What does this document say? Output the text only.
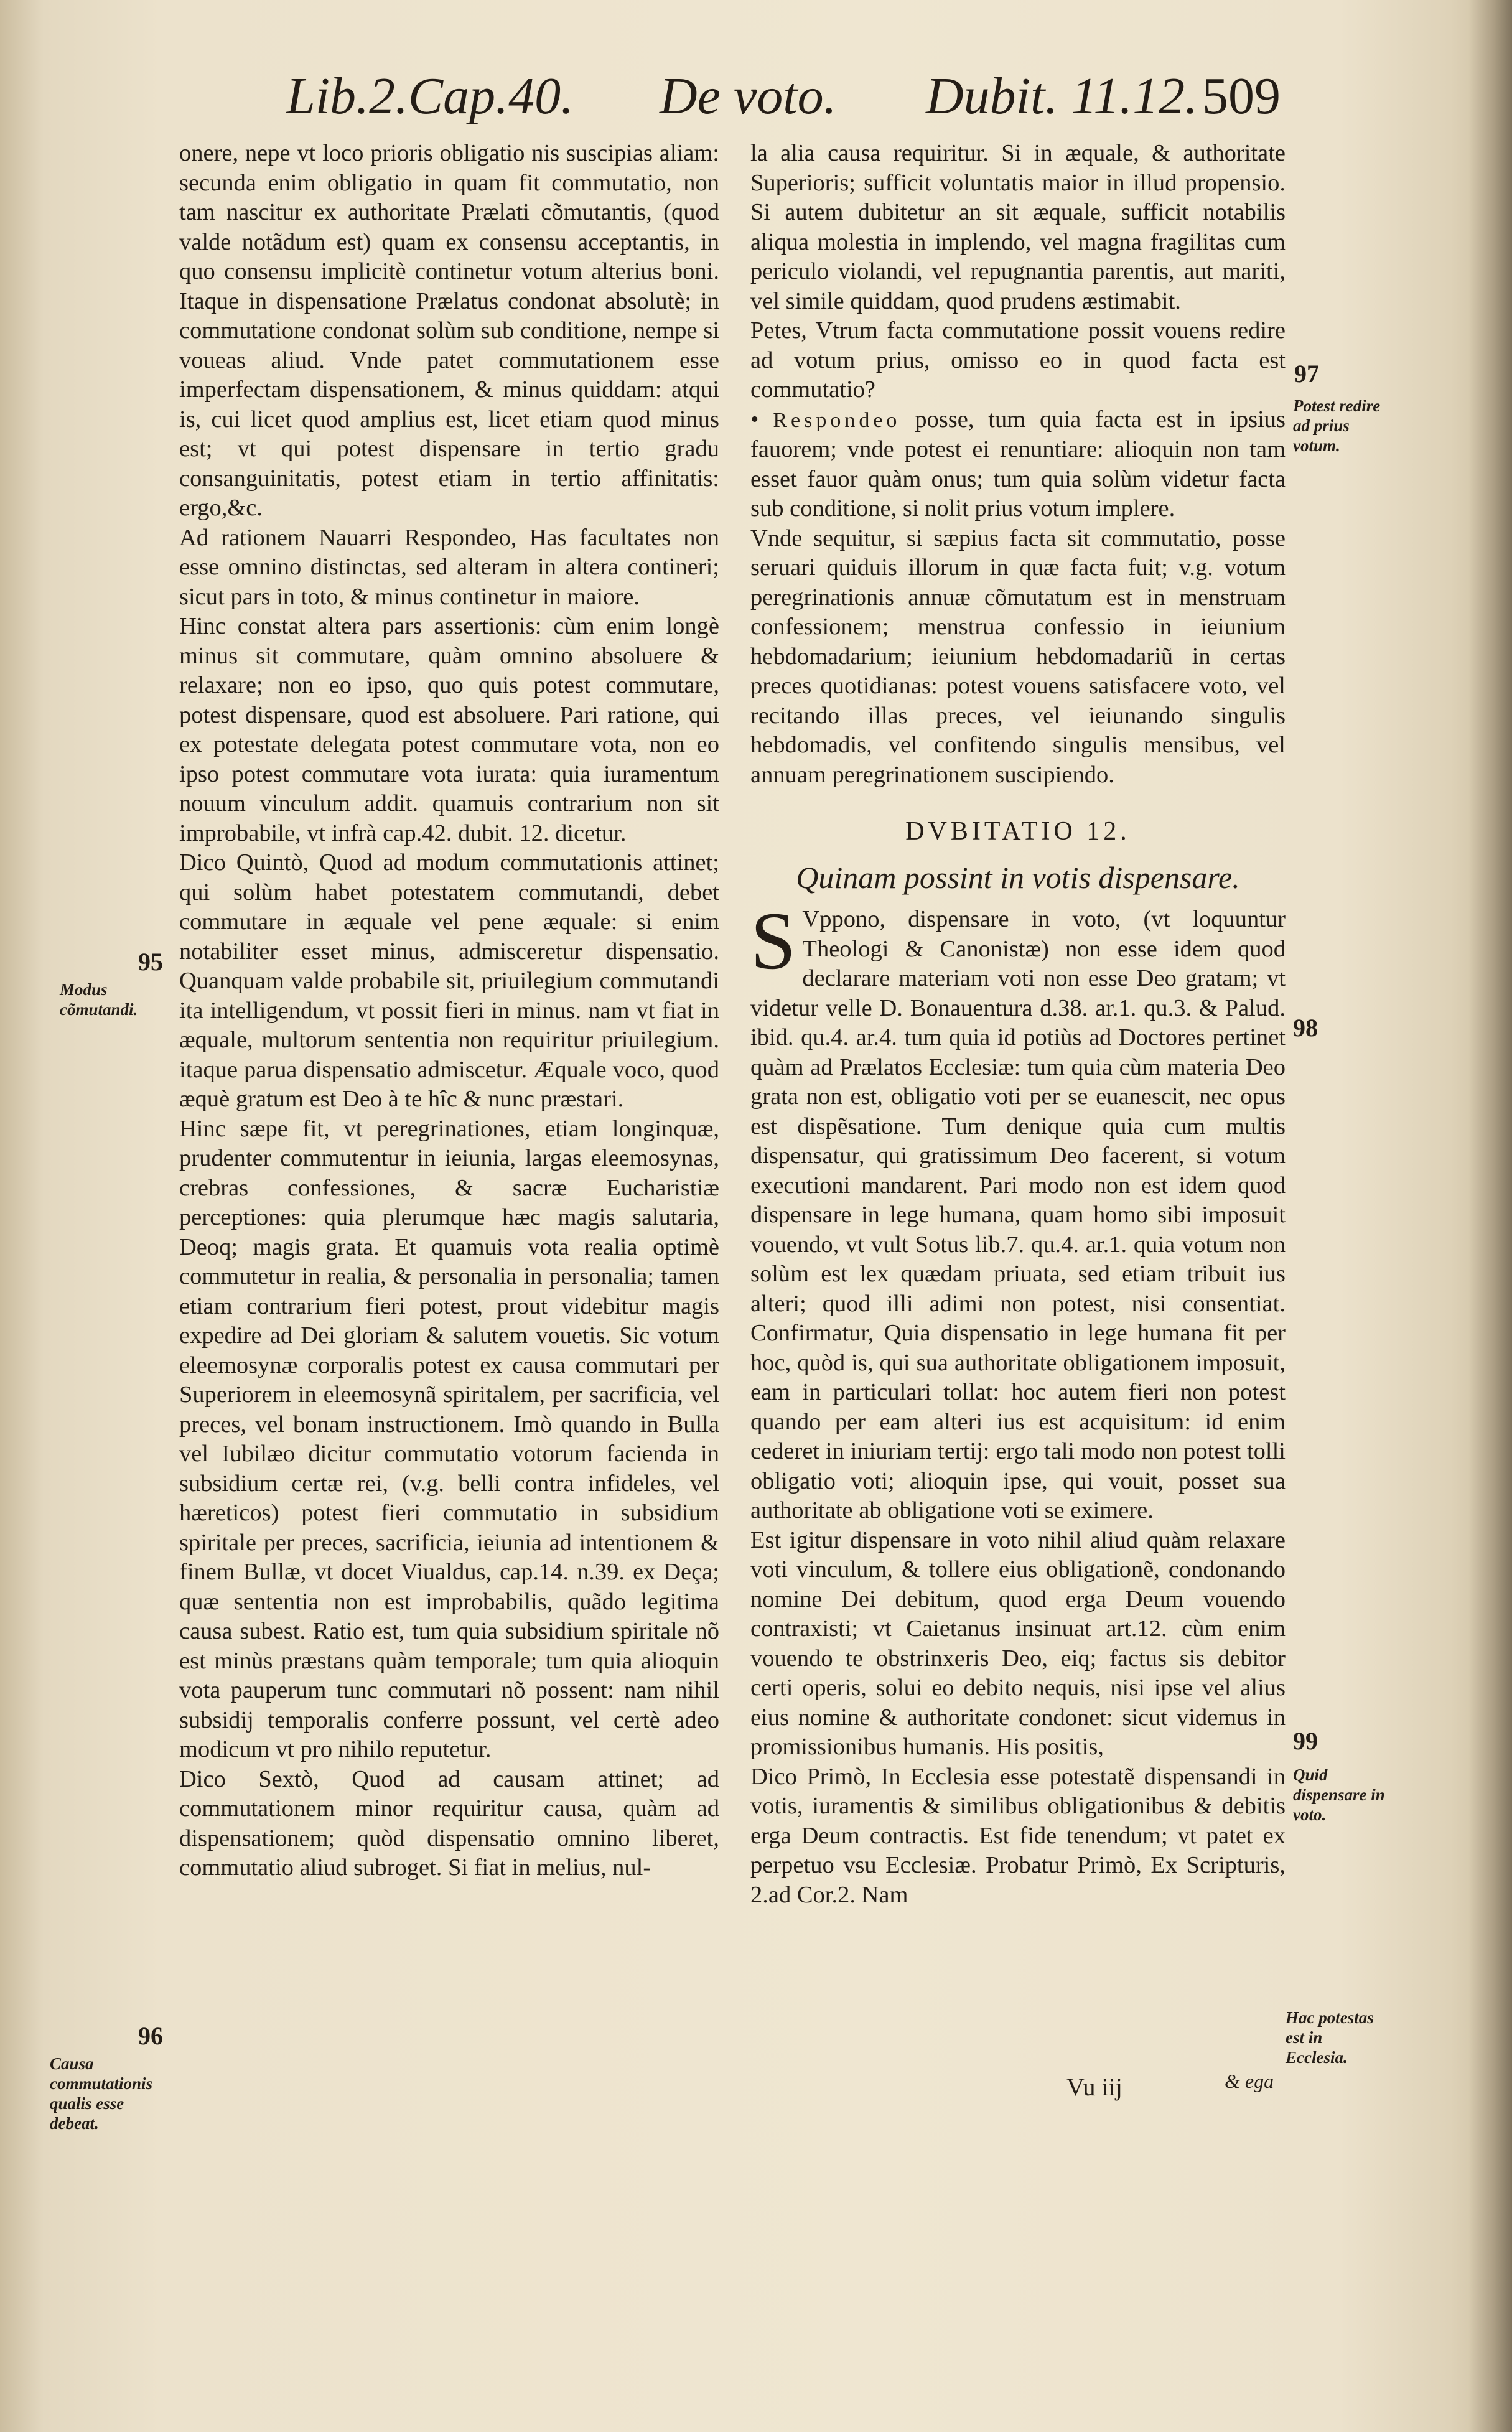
Lib.2.Cap.40. De voto. Dubit. 11.12. 509

onere, nepe vt loco prioris obligatio nis suscipias aliam: secunda enim obligatio in quam fit commutatio, non tam nascitur ex authoritate Prælati cõmutantis, (quod valde notãdum est) quam ex consensu acceptantis, in quo consensu implicitè continetur votum alterius boni. Itaque in dispensatione Prælatus condonat absolutè; in commutatione condonat solùm sub conditione, nempe si voueas aliud. Vnde patet commutationem esse imperfectam dispensationem, & minus quiddam: atqui is, cui licet quod amplius est, licet etiam quod minus est; vt qui potest dispensare in tertio gradu consanguinitatis, potest etiam in tertio affinitatis: ergo,&c.

Ad rationem Nauarri Respondeo, Has facultates non esse omnino distinctas, sed alteram in altera contineri; sicut pars in toto, & minus continetur in maiore.

Hinc constat altera pars assertionis: cùm enim longè minus sit commutare, quàm omnino absoluere & relaxare; non eo ipso, quo quis potest commutare, potest dispensare, quod est absoluere. Pari ratione, qui ex potestate delegata potest commutare vota, non eo ipso potest commutare vota iurata: quia iuramentum nouum vinculum addit. quamuis contrarium non sit improbabile, vt infrà cap.42. dubit. 12. dicetur.

Dico Quintò, Quod ad modum commutationis attinet; qui solùm habet potestatem commutandi, debet commutare in æquale vel pene æquale: si enim notabiliter esset minus, admisceretur dispensatio. Quanquam valde probabile sit, priuilegium commutandi ita intelligendum, vt possit fieri in minus. nam vt fiat in æquale, multorum sententia non requiritur priuilegium. itaque parua dispensatio admiscetur. Æquale voco, quod æquè gratum est Deo à te hîc & nunc præstari.

Hinc sæpe fit, vt peregrinationes, etiam longinquæ, prudenter commutentur in ieiunia, largas eleemosynas, crebras confessiones, & sacræ Eucharistiæ perceptiones: quia plerumque hæc magis salutaria, Deoq; magis grata. Et quamuis vota realia optimè commutetur in realia, & personalia in personalia; tamen etiam contrarium fieri potest, prout videbitur magis expedire ad Dei gloriam & salutem vouetis. Sic votum eleemosynæ corporalis potest ex causa commutari per Superiorem in eleemosynã spiritalem, per sacrificia, vel preces, vel bonam instructionem. Imò quando in Bulla vel Iubilæo dicitur commutatio votorum facienda in subsidium certæ rei, (v.g. belli contra infideles, vel hæreticos) potest fieri commutatio in subsidium spiritale per preces, sacrificia, ieiunia ad intentionem & finem Bullæ, vt docet Viualdus, cap.14. n.39. ex Deça; quæ sententia non est improbabilis, quãdo legitima causa subest. Ratio est, tum quia subsidium spiritale nõ est minùs præstans quàm temporale; tum quia alioquin vota pauperum tunc commutari nõ possent: nam nihil subsidij temporalis conferre possunt, vel certè adeo modicum vt pro nihilo reputetur.

Dico Sextò, Quod ad causam attinet; ad commutationem minor requiritur causa, quàm ad dispensationem; quòd dispensatio omnino liberet, commutatio aliud subroget. Si fiat in melius, nul-

la alia causa requiritur. Si in æquale, & authoritate Superioris; sufficit voluntatis maior in illud propensio. Si autem dubitetur an sit æquale, sufficit notabilis aliqua molestia in implendo, vel magna fragilitas cum periculo violandi, vel repugnantia parentis, aut mariti, vel simile quiddam, quod prudens æstimabit.

Petes, Vtrum facta commutatione possit vouens redire ad votum prius, omisso eo in quod facta est commutatio?

• Respondeo posse, tum quia facta est in ipsius fauorem; vnde potest ei renuntiare: alioquin non tam esset fauor quàm onus; tum quia solùm videtur facta sub conditione, si nolit prius votum implere.

Vnde sequitur, si sæpius facta sit commutatio, posse seruari quiduis illorum in quæ facta fuit; v.g. votum peregrinationis annuæ cõmutatum est in menstruam confessionem; menstrua confessio in ieiunium hebdomadarium; ieiunium hebdomadariũ in certas preces quotidianas: potest vouens satisfacere voto, vel recitando illas preces, vel ieiunando singulis hebdomadis, vel confitendo singulis mensibus, vel annuam peregrinationem suscipiendo.

DVBITATIO 12.
Quinam possint in votis dispensare.

S Vppono, dispensare in voto, (vt loquuntur Theologi & Canonistæ) non esse idem quod declarare materiam voti non esse Deo gratam; vt videtur velle D. Bonauentura d.38. ar.1. qu.3. & Palud. ibid. qu.4. ar.4. tum quia id potiùs ad Doctores pertinet quàm ad Prælatos Ecclesiæ: tum quia cùm materia Deo grata non est, obligatio voti per se euanescit, nec opus est dispẽsatione. Tum denique quia cum multis dispensatur, qui gratissimum Deo facerent, si votum executioni mandarent. Pari modo non est idem quod dispensare in lege humana, quam homo sibi imposuit vouendo, vt vult Sotus lib.7. qu.4. ar.1. quia votum non solùm est lex quædam priuata, sed etiam tribuit ius alteri; quod illi adimi non potest, nisi consentiat. Confirmatur, Quia dispensatio in lege humana fit per hoc, quòd is, qui sua authoritate obligationem imposuit, eam in particulari tollat: hoc autem fieri non potest quando per eam alteri ius est acquisitum: id enim cederet in iniuriam tertij: ergo tali modo non potest tolli obligatio voti; alioquin ipse, qui vouit, posset sua authoritate ab obligatione voti se eximere.

Est igitur dispensare in voto nihil aliud quàm relaxare voti vinculum, & tollere eius obligationẽ, condonando nomine Dei debitum, quod erga Deum vouendo contraxisti; vt Caietanus insinuat art.12. cùm enim vouendo te obstrinxeris Deo, eiq; factus sis debitor certi operis, solui eo debito nequis, nisi ipse vel alius eius nomine & authoritate condonet: sicut videmus in promissionibus humanis. His positis,

Dico Primò, In Ecclesia esse potestatẽ dispensandi in votis, iuramentis & similibus obligationibus & debitis erga Deum contractis. Est fide tenendum; vt patet ex perpetuo vsu Ecclesiæ. Probatur Primò, Ex Scripturis, 2.ad Cor.2. Nam

95
Modus cõmutandi.
96
Causa commutationis qualis esse debeat.
97
Potest redire ad prius votum.
98
99
Quid dispensare in voto.
Hac potestas est in Ecclesia.
Vu iij	& ega
